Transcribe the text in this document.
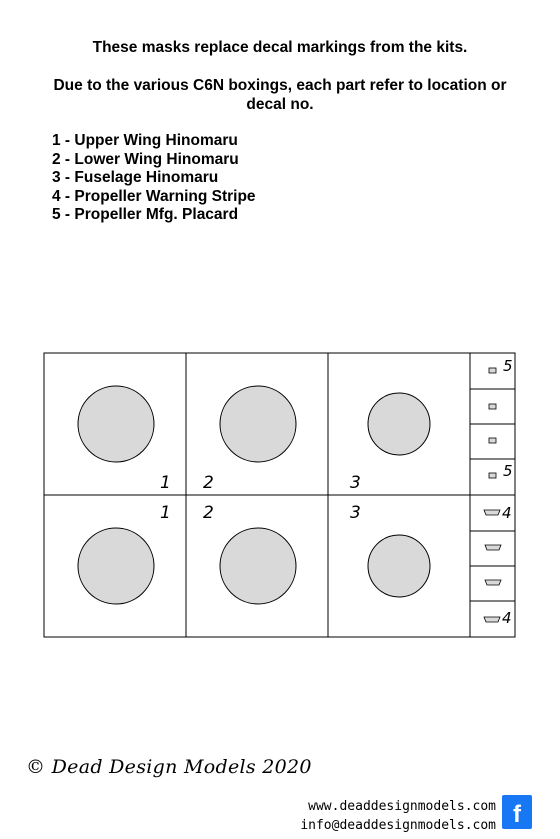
These masks replace decal markings from the kits.
Due to the various C6N boxings, each part refer to location or decal no.
1 - Upper Wing Hinomaru
2 - Lower Wing Hinomaru
3 - Fuselage Hinomaru
4 - Propeller Warning Stripe
5 - Propeller Mfg. Placard
1 2	3
1 2	3
5
5
4
4
© Dead Design Models 2020
www.deaddesignmodels.com
info@deaddesignmodels.com f
